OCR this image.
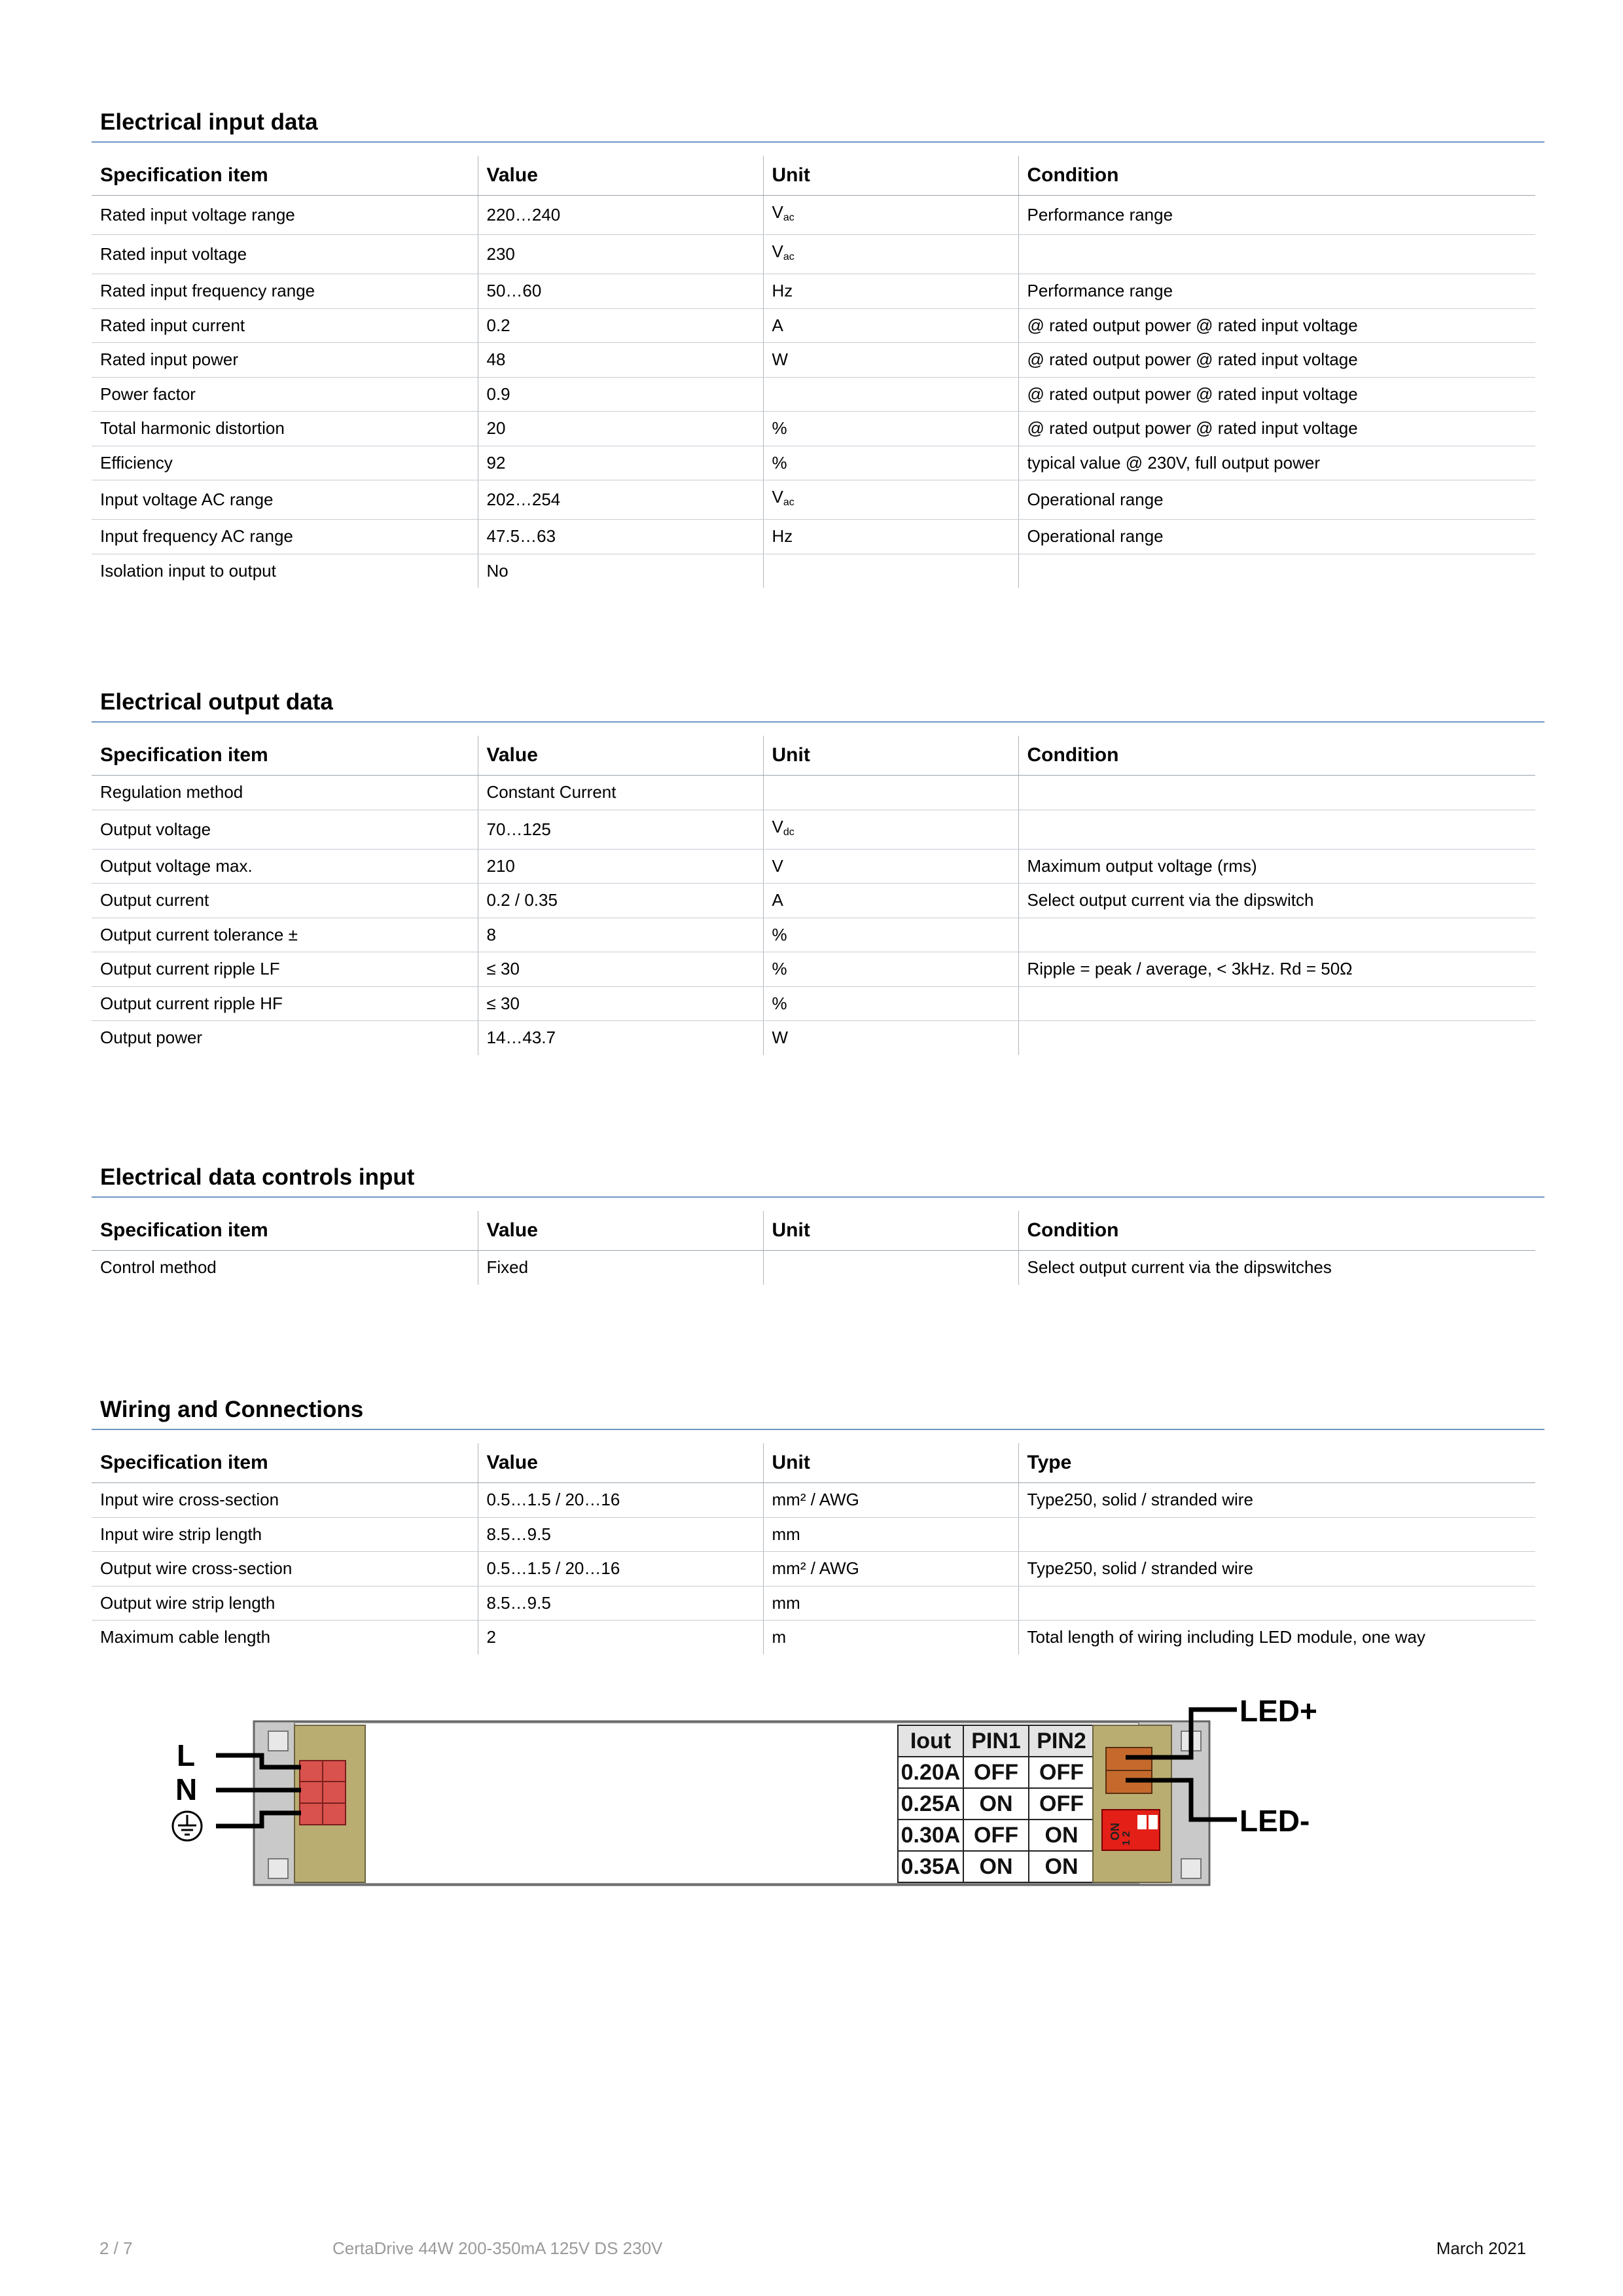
Electrical input data
Specification item	Value	Unit	Condition
Rated input voltage range	220…240	$V_{ac}$	Performance range
Rated input voltage	230	$V_{ac}$	
Rated input frequency range	50…60	Hz	Performance range
Rated input current	0.2	A	@ rated output power @ rated input voltage
Rated input power	48	W	@ rated output power @ rated input voltage
Power factor	0.9		@ rated output power @ rated input voltage
Total harmonic distortion	20	%	@ rated output power @ rated input voltage
Efficiency	92	%	typical value @ 230V, full output power
Input voltage AC range	202…254	$V_{ac}$	Operational range
Input frequency AC range	47.5…63	Hz	Operational range
Isolation input to output	No		
Electrical output data
Specification item	Value	Unit	Condition
Regulation method	Constant Current		
Output voltage	70…125	$V_{dc}$	
Output voltage max.	210	V	Maximum output voltage (rms)
Output current	0.2 / 0.35	A	Select output current via the dipswitch
Output current tolerance ±	8	%	
Output current ripple LF	≤ 30	%	Ripple = peak / average, < 3kHz. Rd = 50Ω
Output current ripple HF	≤ 30	%	
Output power	14…43.7	W	
Electrical data controls input
Specification item	Value	Unit	Condition
Control method	Fixed		Select output current via the dipswitches
Wiring and Connections
Specification item	Value	Unit	Type
Input wire cross-section	0.5…1.5 / 20…16	mm² / AWG	Type250, solid / stranded wire
Input wire strip length	8.5…9.5	mm	
Output wire cross-section	0.5…1.5 / 20…16	mm² / AWG	Type250, solid / stranded wire
Output wire strip length	8.5…9.5	mm	
Maximum cable length	2	m	Total length of wiring including LED module, one way
L
N
Iout PIN1 PIN2
0.20A OFF OFF
0.25A ON OFF
0.30A OFF ON
0.35A ON ON
ON 1 2
LED+
LED-
2 / 7	CertaDrive 44W 200-350mA 125V DS 230V	March 2021
